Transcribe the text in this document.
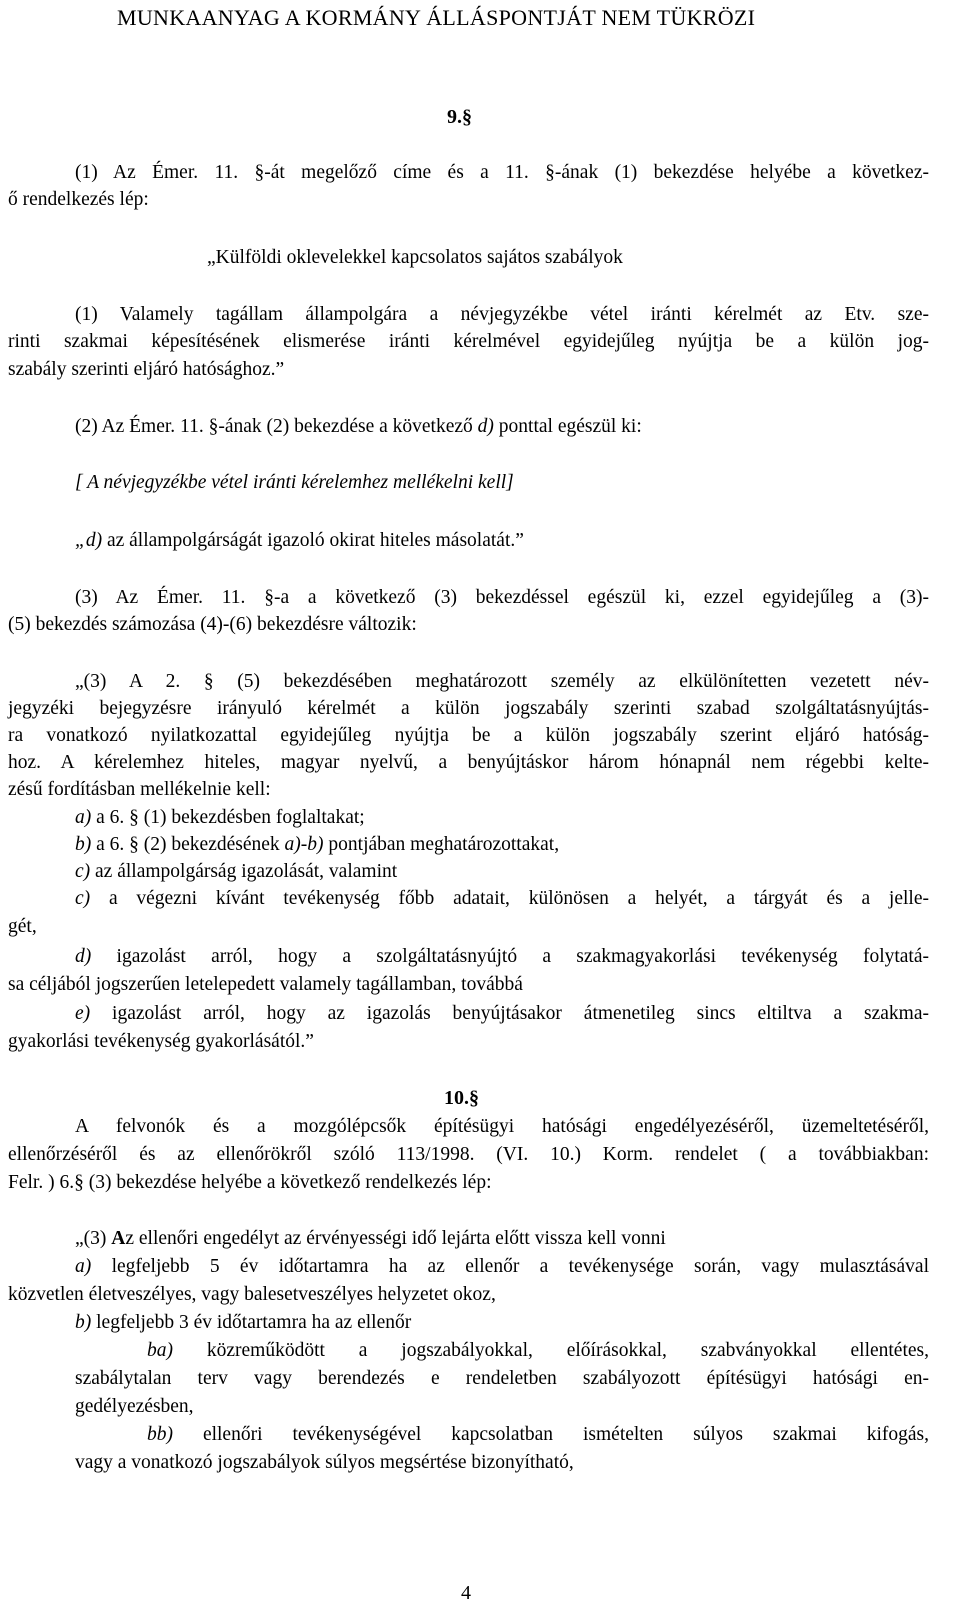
MUNKAANYAG A KORMÁNY ÁLLÁSPONTJÁT NEM TÜKRÖZI
9.§
(1) Az Émer. 11. §-át megelőző címe és a 11. §-ának (1) bekezdése helyébe a következ-
ő rendelkezés lép:
„Külföldi oklevelekkel kapcsolatos sajátos szabályok
(1) Valamely tagállam állampolgára a névjegyzékbe vétel iránti kérelmét az Etv. sze-
rinti szakmai képesítésének elismerése iránti kérelmével egyidejűleg nyújtja be a külön jog-
szabály szerinti eljáró hatósághoz.”
(2) Az Émer. 11. §-ának (2) bekezdése a következő d) ponttal egészül ki:
[ A névjegyzékbe vétel iránti kérelemhez mellékelni kell]
„d) az állampolgárságát igazoló okirat hiteles másolatát.”
(3) Az Émer. 11. §-a a következő (3) bekezdéssel egészül ki, ezzel egyidejűleg a (3)-
(5) bekezdés számozása (4)-(6) bekezdésre változik:
„(3) A 2. § (5) bekezdésében meghatározott személy az elkülönítetten vezetett név-
jegyzéki bejegyzésre irányuló kérelmét a külön jogszabály szerinti szabad szolgáltatásnyújtás-
ra vonatkozó nyilatkozattal egyidejűleg nyújtja be a külön jogszabály szerint eljáró hatóság-
hoz. A kérelemhez hiteles, magyar nyelvű, a benyújtáskor három hónapnál nem régebbi kelte-
zésű fordításban mellékelnie kell:
a) a 6. § (1) bekezdésben foglaltakat;
b) a 6. § (2) bekezdésének a)-b) pontjában meghatározottakat,
c) az állampolgárság igazolását, valamint
c) a végezni kívánt tevékenység főbb adatait, különösen a helyét, a tárgyát és a jelle-
gét,
d) igazolást arról, hogy a szolgáltatásnyújtó a szakmagyakorlási tevékenység folytatá-
sa céljából jogszerűen letelepedett valamely tagállamban, továbbá
e) igazolást arról, hogy az igazolás benyújtásakor átmenetileg sincs eltiltva a szakma-
gyakorlási tevékenység gyakorlásától.”
10.§
A felvonók és a mozgólépcsők építésügyi hatósági engedélyezéséről, üzemeltetéséről,
ellenőrzéséről és az ellenőrökről szóló 113/1998. (VI. 10.) Korm. rendelet ( a továbbiakban:
Felr. ) 6.§ (3) bekezdése helyébe a következő rendelkezés lép:
„(3) Az ellenőri engedélyt az érvényességi idő lejárta előtt vissza kell vonni
a) legfeljebb 5 év időtartamra ha az ellenőr a tevékenysége során, vagy mulasztásával
közvetlen életveszélyes, vagy balesetveszélyes helyzetet okoz,
b) legfeljebb 3 év időtartamra ha az ellenőr
ba) közreműködött a jogszabályokkal, előírásokkal, szabványokkal ellentétes,
szabálytalan terv vagy berendezés e rendeletben szabályozott építésügyi hatósági en-
gedélyezésben,
bb) ellenőri tevékenységével kapcsolatban ismételten súlyos szakmai kifogás,
vagy a vonatkozó jogszabályok súlyos megsértése bizonyítható,
4
